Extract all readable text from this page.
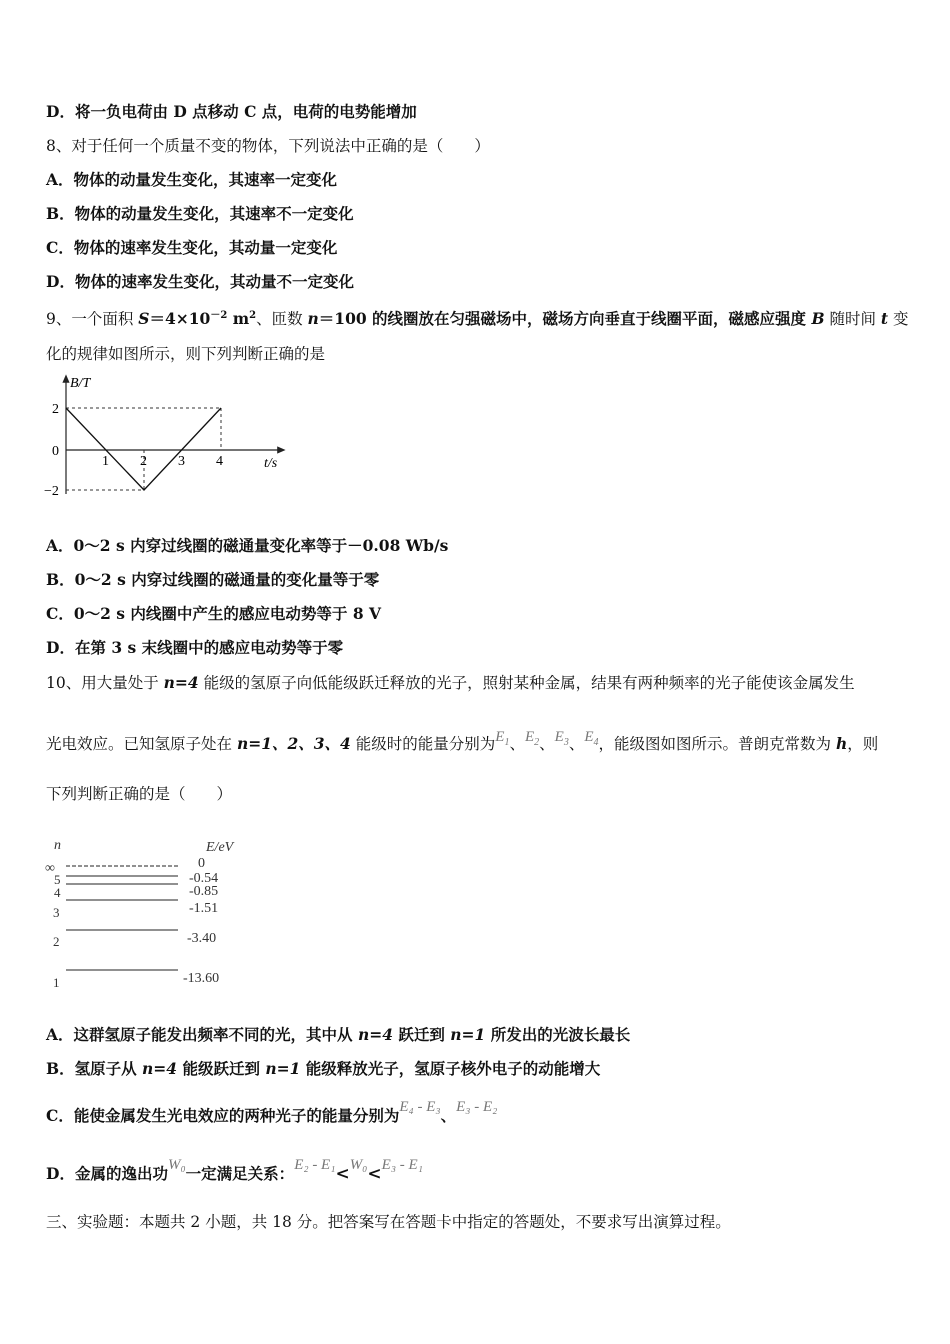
D．将一负电荷由 D 点移动 C 点，电荷的电势能增加
8、对于任何一个质量不变的物体，下列说法中正确的是（　　）
A．物体的动量发生变化，其速率一定变化
B．物体的动量发生变化，其速率不一定变化
C．物体的速率发生变化，其动量一定变化
D．物体的速率发生变化，其动量不一定变化
9、一个面积 $S=4\times 10^{-2}$ $m^2$、匝数 n＝100 的线圈放在匀强磁场中，磁场方向垂直于线圈平面，磁感应强度 B 随时间 t 变
化的规律如图所示，则下列判断正确的是
B/T
t/s
2
0
−2
1 2 3 4
A．0～2 s 内穿过线圈的磁通量变化率等于－0.08 Wb/s
B．0～2 s 内穿过线圈的磁通量的变化量等于零
C．0～2 s 内线圈中产生的感应电动势等于 8 V
D．在第 3 s 末线圈中的感应电动势等于零
10、用大量处于 n=4 能级的氢原子向低能级跃迁释放的光子，照射某种金属，结果有两种频率的光子能使该金属发生
光电效应。已知氢原子处在 n=1、2、3、4 能级时的能量分别为$E_1$、$E_2$、$E_3$、$E_4$，能级图如图所示。普朗克常数为 h，则
下列判断正确的是（　　）
n	E/eV
∞
5
4
3
2
1
0
-0.54
-0.85
-1.51
-3.40
-13.60
A．这群氢原子能发出频率不同的光，其中从 n=4 跃迁到 n=1 所发出的光波长最长
B．氢原子从 n=4 能级跃迁到 n=1 能级释放光子，氢原子核外电子的动能增大
C．能使金属发生光电效应的两种光子的能量分别为E₄ - E₃、E₃ - E₂
D．金属的逸出功W₀一定满足关系：E₂ - E₁<W₀<E₃ - E₁
三、实验题：本题共 2 小题，共 18 分。把答案写在答题卡中指定的答题处，不要求写出演算过程。
